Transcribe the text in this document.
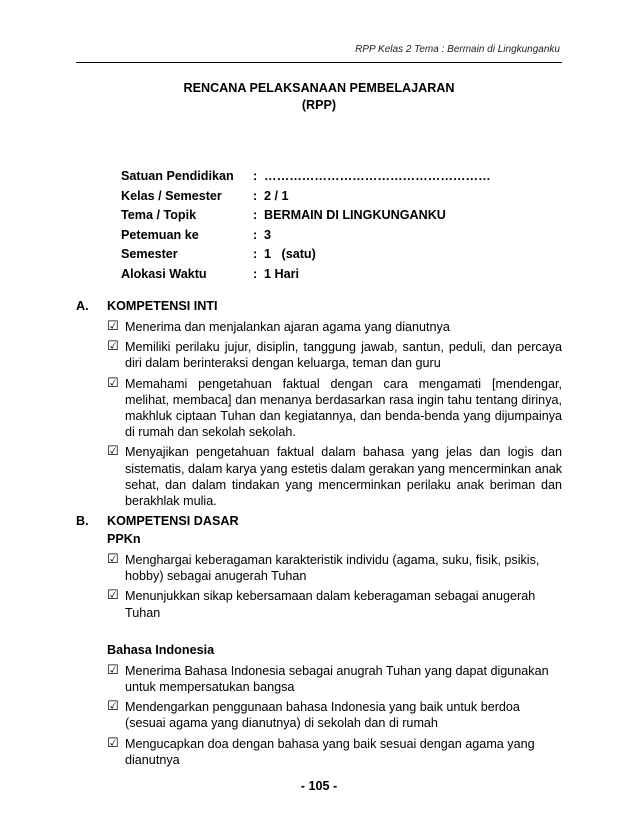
RPP Kelas 2 Tema : Bermain di Lingkunganku
RENCANA PELAKSANAAN PEMBELAJARAN
(RPP)
Satuan Pendidikan	: ………………………………………………
Kelas / Semester	: 2 / 1
Tema / Topik	: BERMAIN DI LINGKUNGANKU
Petemuan ke	: 3
Semester	: 1   (satu)
Alokasi Waktu	: 1 Hari
A.	KOMPETENSI INTI
☑ Menerima dan menjalankan ajaran agama yang dianutnya
☑ Memiliki perilaku jujur, disiplin, tanggung jawab, santun, peduli, dan percaya diri dalam berinteraksi dengan keluarga, teman dan guru
☑ Memahami pengetahuan faktual dengan cara mengamati [mendengar, melihat, membaca] dan menanya berdasarkan rasa ingin tahu tentang dirinya, makhluk ciptaan Tuhan dan kegiatannya, dan benda-benda yang dijumpainya di rumah dan sekolah sekolah.
☑ Menyajikan pengetahuan faktual dalam bahasa yang jelas dan logis dan sistematis, dalam karya yang estetis dalam gerakan yang mencerminkan anak sehat, dan dalam tindakan yang mencerminkan perilaku anak beriman dan berakhlak mulia.
B.	KOMPETENSI DASAR
PPKn
☑ Menghargai keberagaman karakteristik individu (agama, suku, fisik, psikis, hobby) sebagai anugerah Tuhan
☑ Menunjukkan sikap kebersamaan dalam keberagaman sebagai anugerah Tuhan
Bahasa Indonesia
☑ Menerima Bahasa Indonesia sebagai anugrah Tuhan yang dapat digunakan untuk mempersatukan bangsa
☑ Mendengarkan penggunaan bahasa Indonesia yang baik untuk berdoa (sesuai agama yang dianutnya) di sekolah dan di rumah
☑ Mengucapkan doa dengan bahasa yang baik sesuai dengan agama yang dianutnya
- 105 -
